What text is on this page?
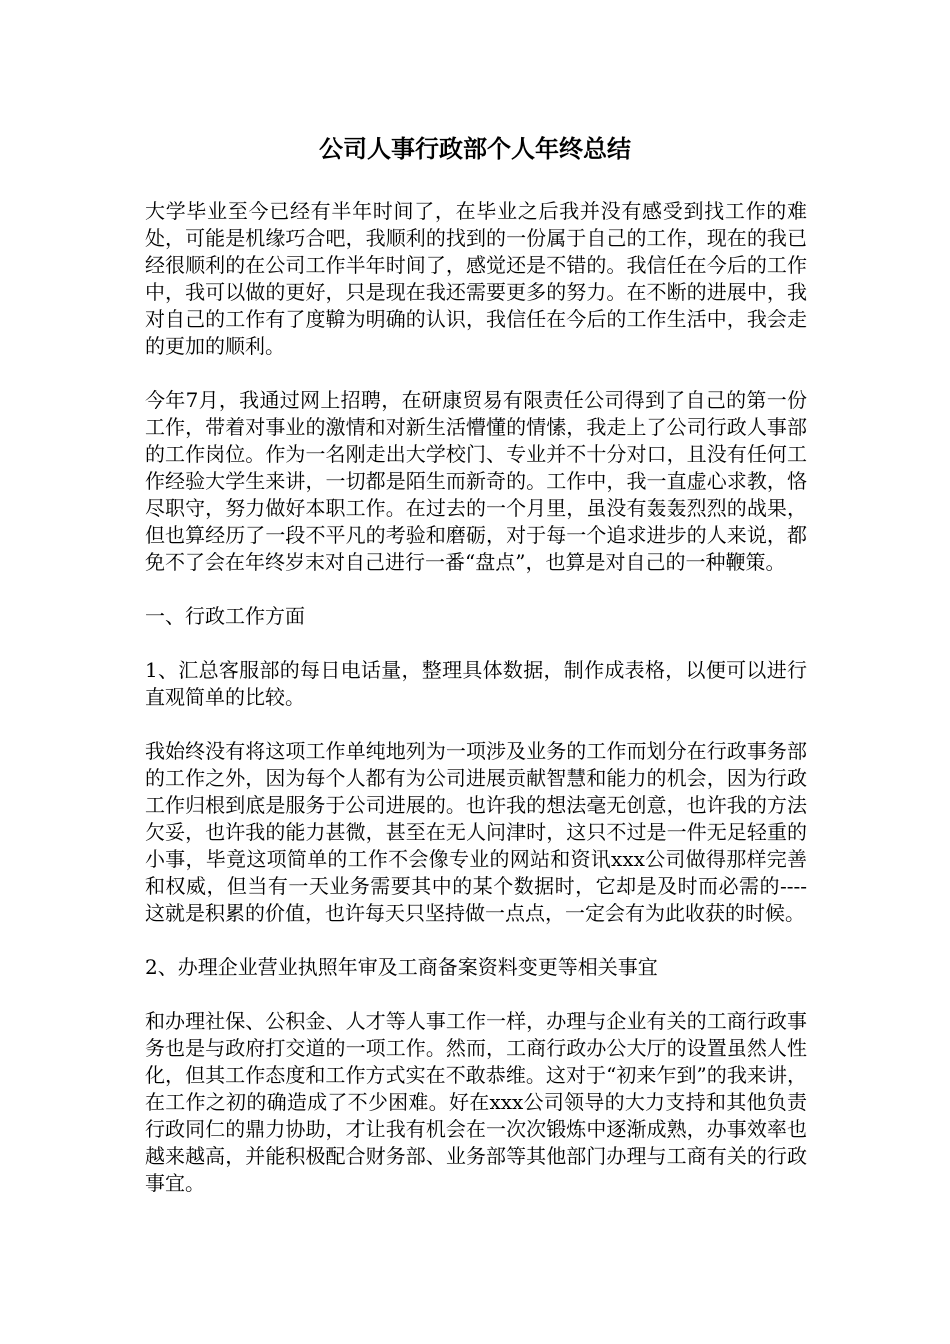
公司人事行政部个人年终总结

大学毕业至今已经有半年时间了，在毕业之后我并没有感受到找工作的难处，可能是机缘巧合吧，我顺利的找到的一份属于自己的工作，现在的我已经很顺利的在公司工作半年时间了，感觉还是不错的。我信任在今后的工作中，我可以做的更好，只是现在我还需要更多的努力。在不断的进展中，我对自己的工作有了度鞥为明确的认识，我信任在今后的工作生活中，我会走的更加的顺利。

今年7月，我通过网上招聘，在研康贸易有限责任公司得到了自己的第一份工作，带着对事业的激情和对新生活懵懂的情愫，我走上了公司行政人事部的工作岗位。作为一名刚走出大学校门、专业并不十分对口，且没有任何工作经验大学生来讲，一切都是陌生而新奇的。工作中，我一直虚心求教，恪尽职守，努力做好本职工作。在过去的一个月里，虽没有轰轰烈烈的战果，但也算经历了一段不平凡的考验和磨砺，对于每一个追求进步的人来说，都免不了会在年终岁末对自己进行一番“盘点”，也算是对自己的一种鞭策。

一、行政工作方面

1、汇总客服部的每日电话量，整理具体数据，制作成表格，以便可以进行直观简单的比较。

我始终没有将这项工作单纯地列为一项涉及业务的工作而划分在行政事务部的工作之外，因为每个人都有为公司进展贡献智慧和能力的机会，因为行政工作归根到底是服务于公司进展的。也许我的想法毫无创意，也许我的方法欠妥，也许我的能力甚微，甚至在无人问津时，这只不过是一件无足轻重的小事，毕竟这项简单的工作不会像专业的网站和资讯xxx公司做得那样完善和权威，但当有一天业务需要其中的某个数据时，它却是及时而必需的----这就是积累的价值，也许每天只坚持做一点点，一定会有为此收获的时候。

2、办理企业营业执照年审及工商备案资料变更等相关事宜

和办理社保、公积金、人才等人事工作一样，办理与企业有关的工商行政事务也是与政府打交道的一项工作。然而，工商行政办公大厅的设置虽然人性化，但其工作态度和工作方式实在不敢恭维。这对于“初来乍到”的我来讲，在工作之初的确造成了不少困难。好在xxx公司领导的大力支持和其他负责行政同仁的鼎力协助，才让我有机会在一次次锻炼中逐渐成熟，办事效率也越来越高，并能积极配合财务部、业务部等其他部门办理与工商有关的行政事宜。
